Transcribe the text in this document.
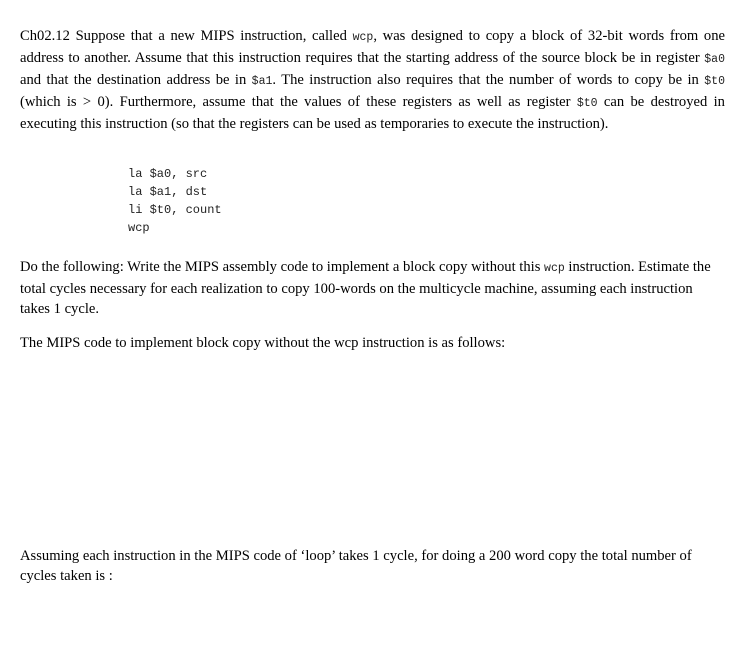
Ch02.12 Suppose that a new MIPS instruction, called wcp, was designed to copy a block of 32-bit words from one address to another. Assume that this instruction requires that the starting address of the source block be in register $a0 and that the destination address be in $a1. The instruction also requires that the number of words to copy be in $t0 (which is > 0). Furthermore, assume that the values of these registers as well as register $t0 can be destroyed in executing this instruction (so that the registers can be used as temporaries to execute the instruction).

la $a0, src
la $a1, dst
li $t0, count
wcp

Do the following: Write the MIPS assembly code to implement a block copy without this wcp instruction. Estimate the total cycles necessary for each realization to copy 100-words on the multicycle machine, assuming each instruction takes 1 cycle.

The MIPS code to implement block copy without the wcp instruction is as follows:

Assuming each instruction in the MIPS code of ‘loop’ takes 1 cycle, for doing a 200 word copy the total number of cycles taken is :
